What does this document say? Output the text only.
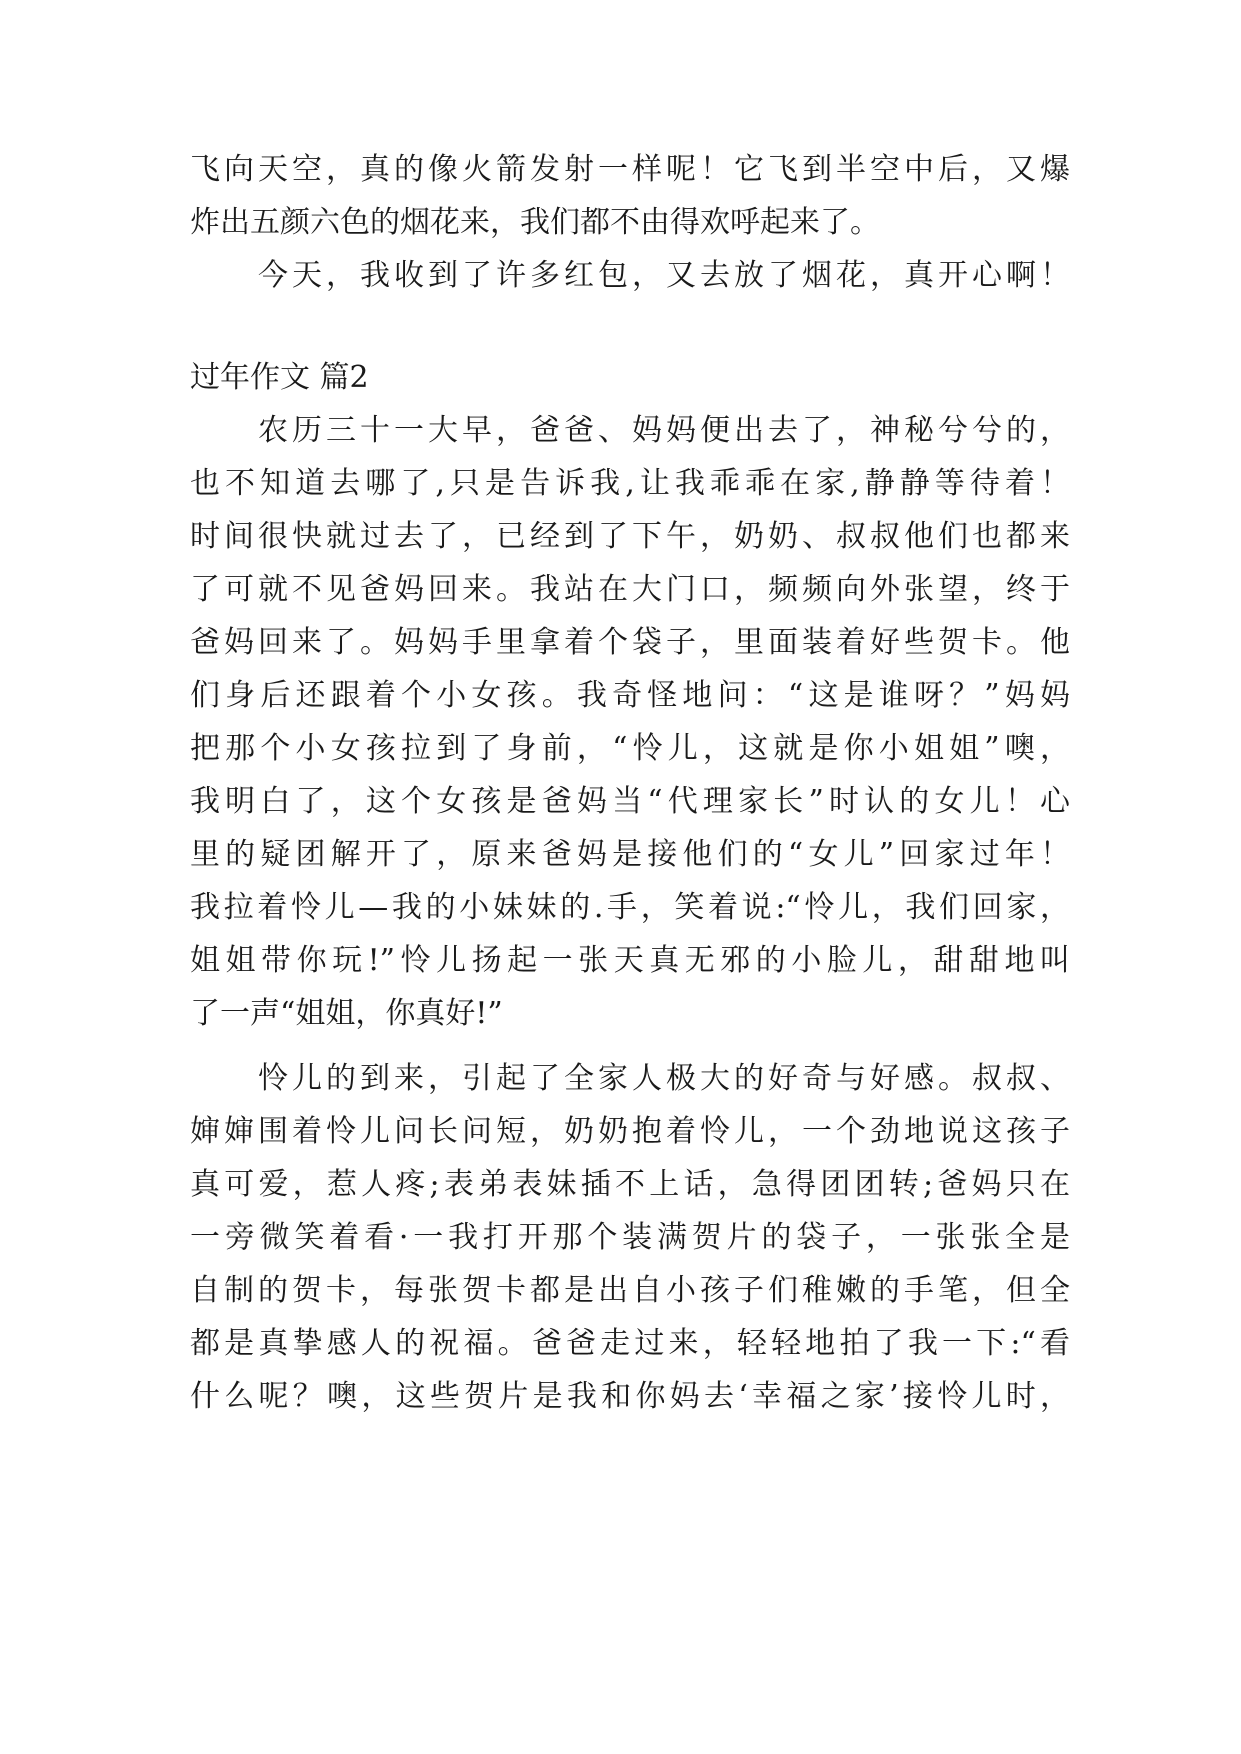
飞向天空，真的像火箭发射一样呢！它飞到半空中后，又爆
炸出五颜六色的烟花来，我们都不由得欢呼起来了。
今天，我收到了许多红包，又去放了烟花，真开心啊！
过年作文 篇2
农历三十一大早，爸爸、妈妈便出去了，神秘兮兮的，
也不知道去哪了,只是告诉我,让我乖乖在家,静静等待着！
时间很快就过去了，已经到了下午，奶奶、叔叔他们也都来
了可就不见爸妈回来。我站在大门口，频频向外张望，终于
爸妈回来了。妈妈手里拿着个袋子，里面装着好些贺卡。他
们身后还跟着个小女孩。我奇怪地问：“这是谁呀？”妈妈
把那个小女孩拉到了身前，“怜儿，这就是你小姐姐”噢，
我明白了，这个女孩是爸妈当“代理家长”时认的女儿！心
里的疑团解开了，原来爸妈是接他们的“女儿”回家过年！
我拉着怜儿—我的小妹妹的.手，笑着说:“怜儿，我们回家，
姐姐带你玩!”怜儿扬起一张天真无邪的小脸儿，甜甜地叫
了一声“姐姐，你真好!”
怜儿的到来，引起了全家人极大的好奇与好感。叔叔、
婶婶围着怜儿问长问短，奶奶抱着怜儿，一个劲地说这孩子
真可爱，惹人疼;表弟表妹插不上话，急得团团转;爸妈只在
一旁微笑着看·一我打开那个装满贺片的袋子，一张张全是
自制的贺卡，每张贺卡都是出自小孩子们稚嫩的手笔，但全
都是真挚感人的祝福。爸爸走过来，轻轻地拍了我一下:“看
什么呢？噢，这些贺片是我和你妈去‘幸福之家’接怜儿时，
